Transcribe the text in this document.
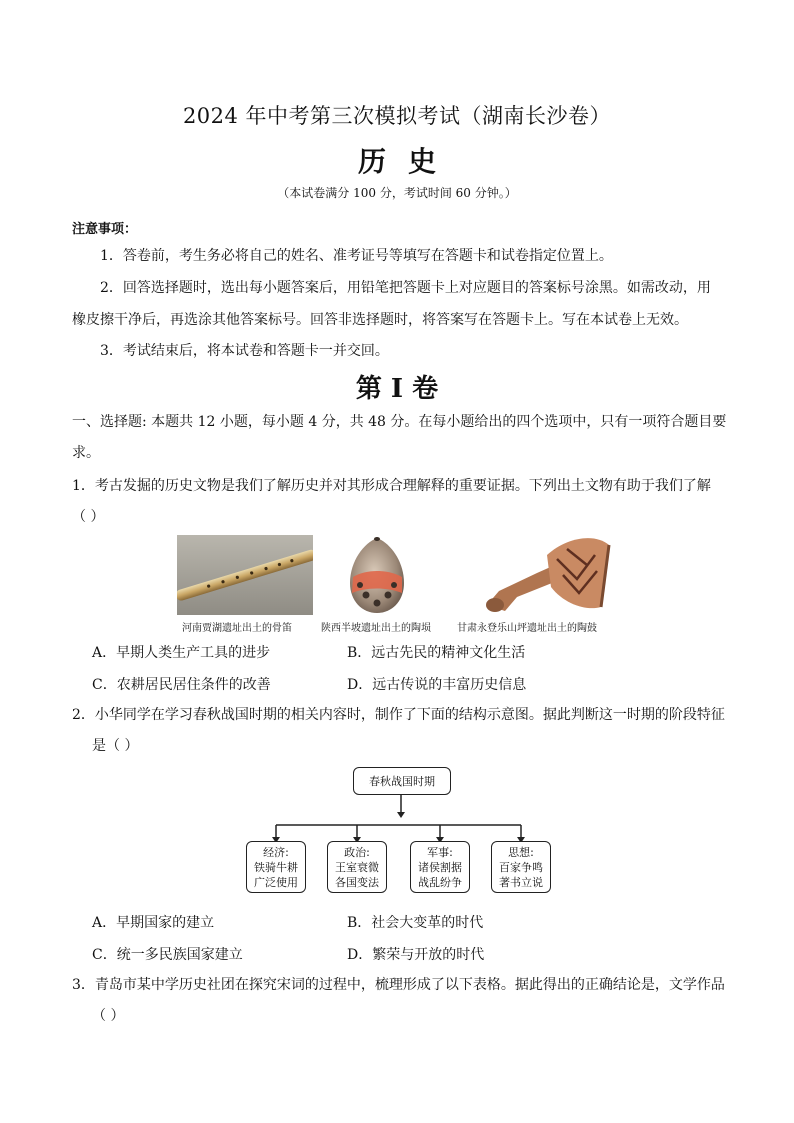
2024 年中考第三次模拟考试（湖南长沙卷）
历史
（本试卷满分 100 分，考试时间 60 分钟。）
注意事项：
1．答卷前，考生务必将自己的姓名、准考证号等填写在答题卡和试卷指定位置上。
2．回答选择题时，选出每小题答案后，用铅笔把答题卡上对应题目的答案标号涂黑。如需改动，用
橡皮擦干净后，再选涂其他答案标号。回答非选择题时，将答案写在答题卡上。写在本试卷上无效。
3．考试结束后，将本试卷和答题卡一并交回。
第 I 卷
一、选择题: 本题共 12 小题，每小题 4 分，共 48 分。在每小题给出的四个选项中，只有一项符合题目要
求。
1．考古发掘的历史文物是我们了解历史并对其形成合理解释的重要证据。下列出土文物有助于我们了解
（ ）
河南贾湖遗址出土的骨笛	陕西半坡遗址出土的陶埙	甘肃永登乐山坪遗址出土的陶鼓
A．早期人类生产工具的进步	B．远古先民的精神文化生活
C．农耕居民居住条件的改善	D．远古传说的丰富历史信息
2．小华同学在学习春秋战国时期的相关内容时，制作了下面的结构示意图。据此判断这一时期的阶段特征
是（ ）
春秋战国时期
经济:
铁骑牛耕
广泛使用
政治:
王室衰微
各国变法
军事:
诸侯割据
战乱纷争
思想:
百家争鸣
著书立说
A．早期国家的建立	B．社会大变革的时代
C．统一多民族国家建立	D．繁荣与开放的时代
3．青岛市某中学历史社团在探究宋词的过程中，梳理形成了以下表格。据此得出的正确结论是，文学作品
（ ）
